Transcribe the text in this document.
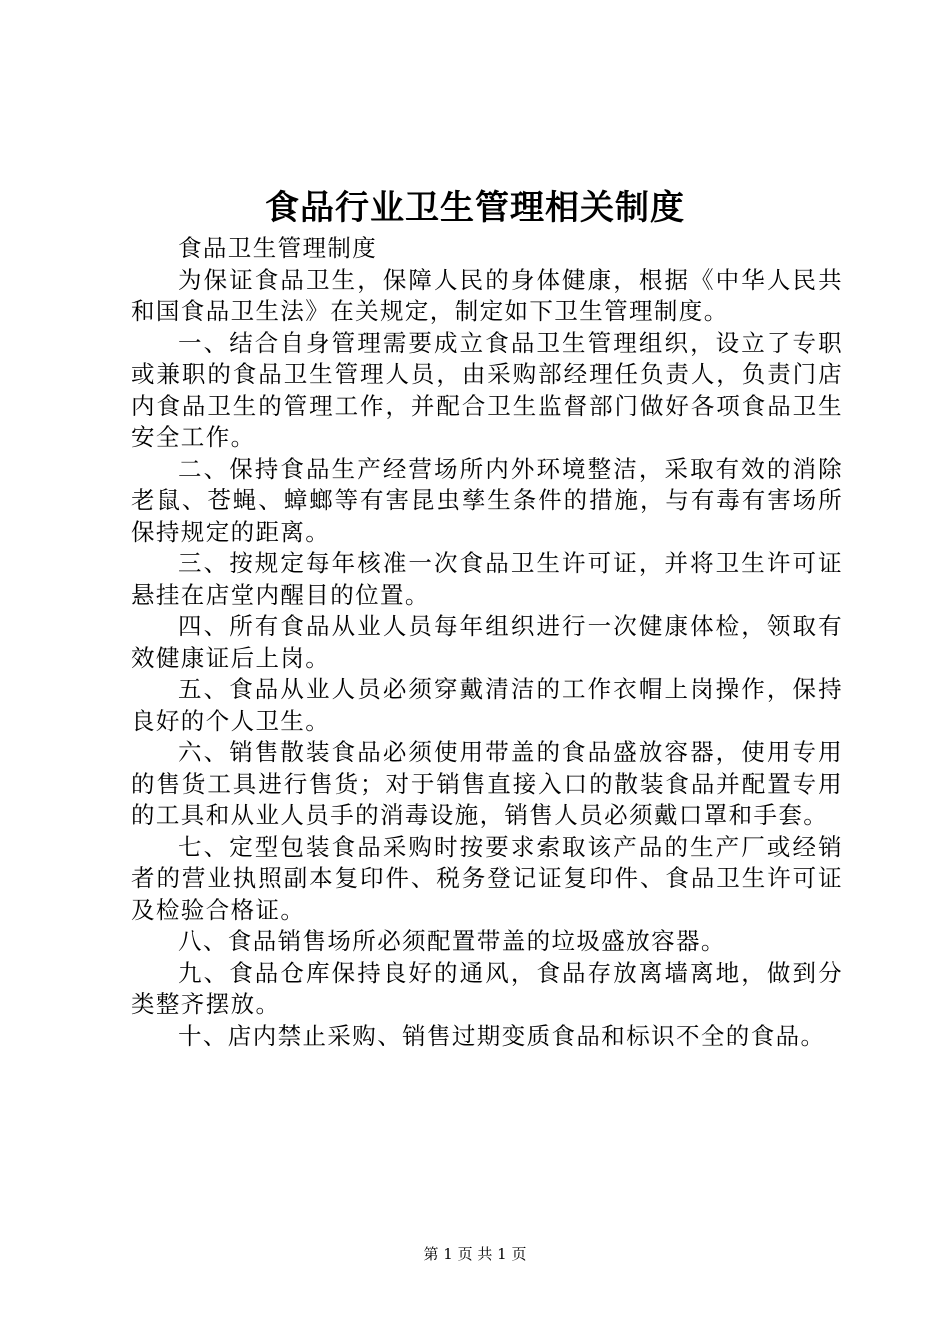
食品行业卫生管理相关制度

食品卫生管理制度

为保证食品卫生，保障人民的身体健康，根据《中华人民共和国食品卫生法》在关规定，制定如下卫生管理制度。

一、结合自身管理需要成立食品卫生管理组织，设立了专职或兼职的食品卫生管理人员，由采购部经理任负责人，负责门店内食品卫生的管理工作，并配合卫生监督部门做好各项食品卫生安全工作。

二、保持食品生产经营场所内外环境整洁，采取有效的消除老鼠、苍蝇、蟑螂等有害昆虫孳生条件的措施，与有毒有害场所保持规定的距离。

三、按规定每年核准一次食品卫生许可证，并将卫生许可证悬挂在店堂内醒目的位置。

四、所有食品从业人员每年组织进行一次健康体检，领取有效健康证后上岗。

五、食品从业人员必须穿戴清洁的工作衣帽上岗操作，保持良好的个人卫生。

六、销售散装食品必须使用带盖的食品盛放容器，使用专用的售货工具进行售货；对于销售直接入口的散装食品并配置专用的工具和从业人员手的消毒设施，销售人员必须戴口罩和手套。

七、定型包装食品采购时按要求索取该产品的生产厂或经销者的营业执照副本复印件、税务登记证复印件、食品卫生许可证及检验合格证。

八、食品销售场所必须配置带盖的垃圾盛放容器。

九、食品仓库保持良好的通风，食品存放离墙离地，做到分类整齐摆放。

十、店内禁止采购、销售过期变质食品和标识不全的食品。

第 1 页 共 1 页
